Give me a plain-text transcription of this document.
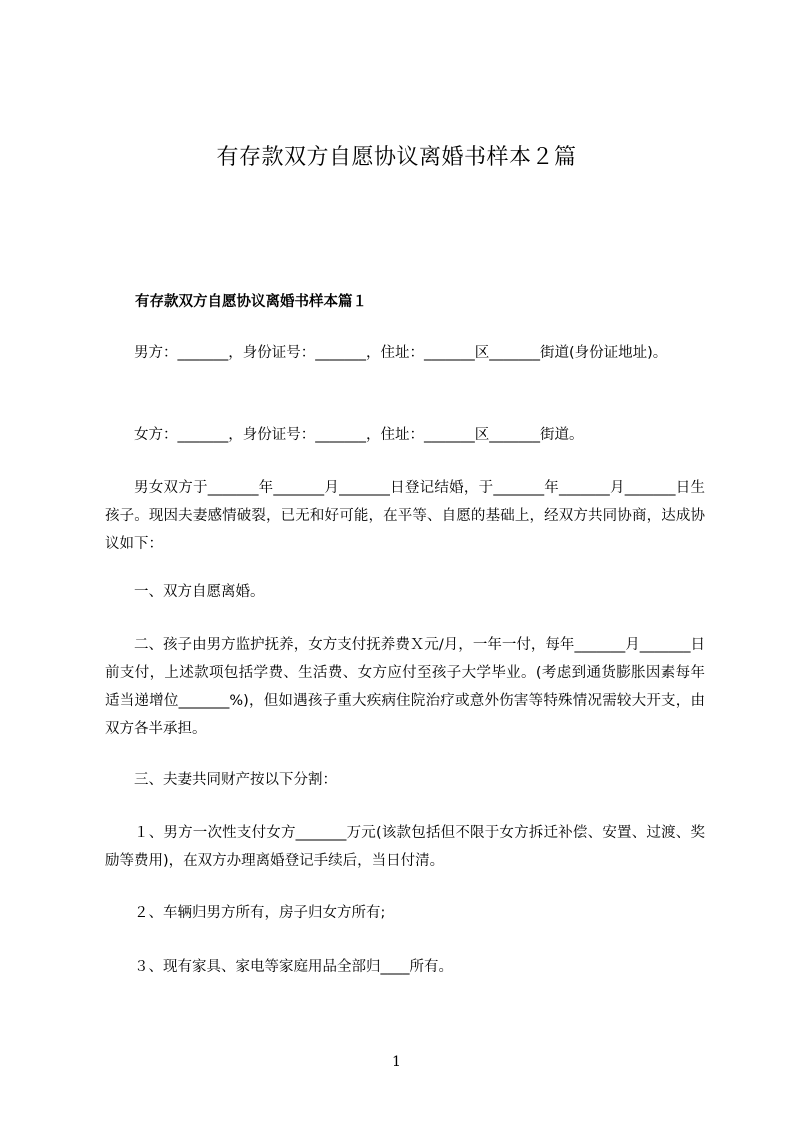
有存款双方自愿协议离婚书样本２篇
有存款双方自愿协议离婚书样本篇１

男方：_______，身份证号：_______，住址：_______区_______街道(身份证地址)。

女方：_______，身份证号：_______，住址：_______区_______街道。

男女双方于_______年_______月_______日登记结婚，于_______年_______月_______日生孩子。现因夫妻感情破裂，已无和好可能，在平等、自愿的基础上，经双方共同协商，达成协议如下：

一、双方自愿离婚。

二、孩子由男方监护抚养，女方支付抚养费Ｘ元/月，一年一付，每年_______月_______日前支付，上述款项包括学费、生活费、女方应付至孩子大学毕业。(考虑到通货膨胀因素每年适当递增位_______%)，但如遇孩子重大疾病住院治疗或意外伤害等特殊情况需较大开支，由双方各半承担。

三、夫妻共同财产按以下分割：

１、男方一次性支付女方_______万元(该款包括但不限于女方拆迁补偿、安置、过渡、奖励等费用)，在双方办理离婚登记手续后，当日付清。

２、车辆归男方所有，房子归女方所有;

３、现有家具、家电等家庭用品全部归____所有。

1
